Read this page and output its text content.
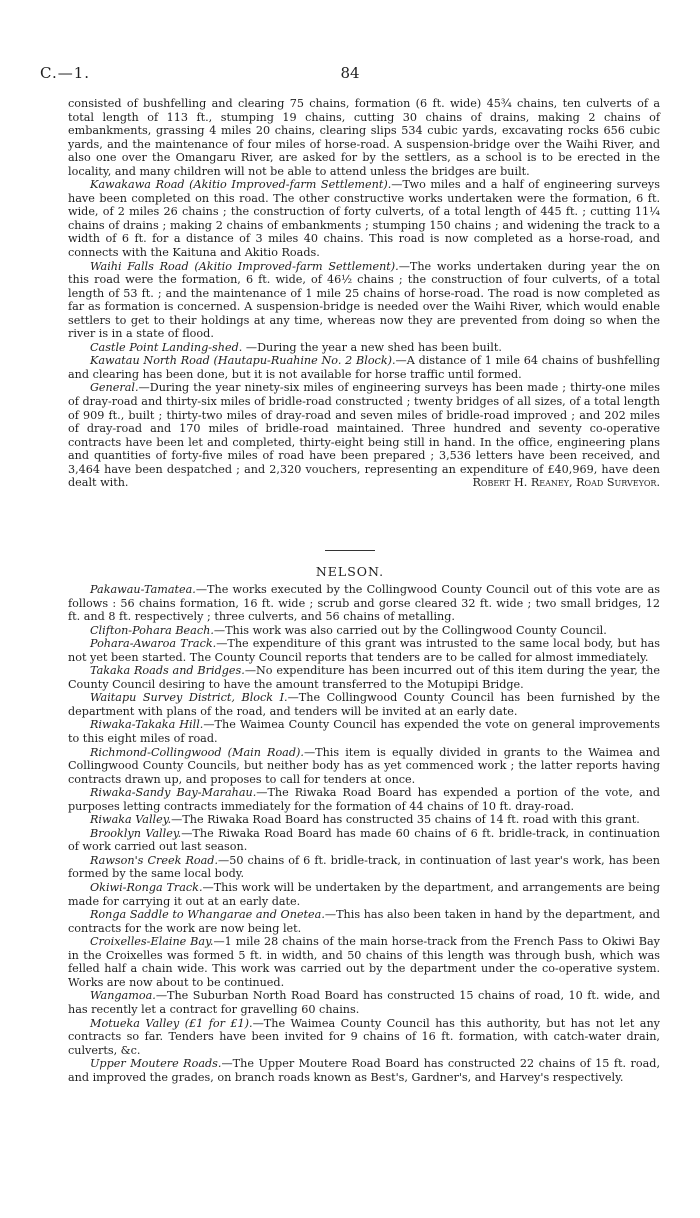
C.—1.	84

consisted of bushfelling and clearing 75 chains, formation (6 ft. wide) 45¾ chains, ten culverts of a total length of 113 ft., stumping 19 chains, cutting 30 chains of drains, making 2 chains of embankments, grassing 4 miles 20 chains, clearing slips 534 cubic yards, excavating rocks 656 cubic yards, and the maintenance of four miles of horse-road. A suspension-bridge over the Waihi River, and also one over the Omangaru River, are asked for by the settlers, as a school is to be erected in the locality, and many children will not be able to attend unless the bridges are built.

Kawakawa Road (Akitio Improved-farm Settlement).—Two miles and a half of engineering surveys have been completed on this road. The other constructive works undertaken were the formation, 6 ft. wide, of 2 miles 26 chains ; the construction of forty culverts, of a total length of 445 ft. ; cutting 11¼ chains of drains ; making 2 chains of embankments ; stumping 150 chains ; and widening the track to a width of 6 ft. for a distance of 3 miles 40 chains. This road is now completed as a horse-road, and connects with the Kaituna and Akitio Roads.

Waihi Falls Road (Akitio Improved-farm Settlement).—The works undertaken during year the on this road were the formation, 6 ft. wide, of 46½ chains ; the construction of four culverts, of a total length of 53 ft. ; and the maintenance of 1 mile 25 chains of horse-road. The road is now completed as far as formation is concerned. A suspension-bridge is needed over the Waihi River, which would enable settlers to get to their holdings at any time, whereas now they are prevented from doing so when the river is in a state of flood.

Castle Point Landing-shed. —During the year a new shed has been built.

Kawatau North Road (Hautapu-Ruahine No. 2 Block).—A distance of 1 mile 64 chains of bushfelling and clearing has been done, but it is not available for horse traffic until formed.

General.—During the year ninety-six miles of engineering surveys has been made ; thirty-one miles of dray-road and thirty-six miles of bridle-road constructed ; twenty bridges of all sizes, of a total length of 909 ft., built ; thirty-two miles of dray-road and seven miles of bridle-road improved ; and 202 miles of dray-road and 170 miles of bridle-road maintained. Three hundred and seventy co-operative contracts have been let and completed, thirty-eight being still in hand. In the office, engineering plans and quantities of forty-five miles of road have been prepared ; 3,536 letters have been received, and 3,464 have been despatched ; and 2,320 vouchers, representing an expenditure of £40,969, have deen dealt with.	Robert H. Reaney, Road Surveyor.

NELSON.

Pakawau-Tamatea.—The works executed by the Collingwood County Council out of this vote are as follows : 56 chains formation, 16 ft. wide ; scrub and gorse cleared 32 ft. wide ; two small bridges, 12 ft. and 8 ft. respectively ; three culverts, and 56 chains of metalling.

Clifton-Pohara Beach.—This work was also carried out by the Collingwood County Council.

Pohara-Awaroa Track.—The expenditure of this grant was intrusted to the same local body, but has not yet been started. The County Council reports that tenders are to be called for almost immediately.

Takaka Roads and Bridges.—No expenditure has been incurred out of this item during the year, the County Council desiring to have the amount transferred to the Motupipi Bridge.

Waitapu Survey District, Block I.—The Collingwood County Council has been furnished by the department with plans of the road, and tenders will be invited at an early date.

Riwaka-Takaka Hill.—The Waimea County Council has expended the vote on general improvements to this eight miles of road.

Richmond-Collingwood (Main Road).—This item is equally divided in grants to the Waimea and Collingwood County Councils, but neither body has as yet commenced work ; the latter reports having contracts drawn up, and proposes to call for tenders at once.

Riwaka-Sandy Bay-Marahau.—The Riwaka Road Board has expended a portion of the vote, and purposes letting contracts immediately for the formation of 44 chains of 10 ft. dray-road.

Riwaka Valley.—The Riwaka Road Board has constructed 35 chains of 14 ft. road with this grant.

Brooklyn Valley.—The Riwaka Road Board has made 60 chains of 6 ft. bridle-track, in continuation of work carried out last season.

Rawson's Creek Road.—50 chains of 6 ft. bridle-track, in continuation of last year's work, has been formed by the same local body.

Okiwi-Ronga Track.—This work will be undertaken by the department, and arrangements are being made for carrying it out at an early date.

Ronga Saddle to Whangarae and Onetea.—This has also been taken in hand by the department, and contracts for the work are now being let.

Croixelles-Elaine Bay.—1 mile 28 chains of the main horse-track from the French Pass to Okiwi Bay in the Croixelles was formed 5 ft. in width, and 50 chains of this length was through bush, which was felled half a chain wide. This work was carried out by the department under the co-operative system. Works are now about to be continued.

Wangamoa.—The Suburban North Road Board has constructed 15 chains of road, 10 ft. wide, and has recently let a contract for gravelling 60 chains.

Motueka Valley (£1 for £1).—The Waimea County Council has this authority, but has not let any contracts so far. Tenders have been invited for 9 chains of 16 ft. formation, with catch-water drain, culverts, &c.

Upper Moutere Roads.—The Upper Moutere Road Board has constructed 22 chains of 15 ft. road, and improved the grades, on branch roads known as Best's, Gardner's, and Harvey's respectively.
